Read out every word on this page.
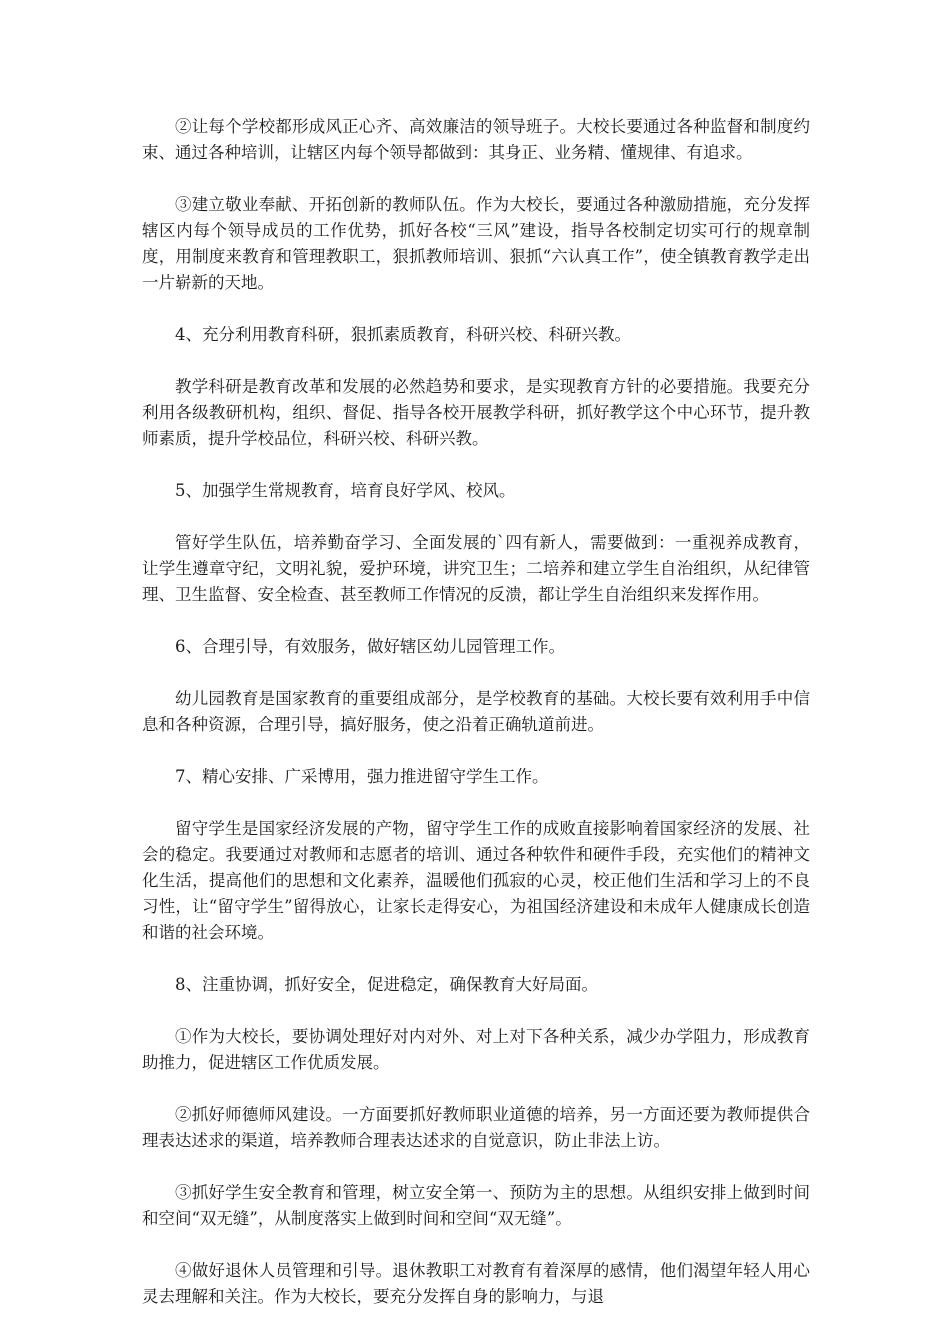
②让每个学校都形成风正心齐、高效廉洁的领导班子。大校长要通过各种监督和制度约束、通过各种培训，让辖区内每个领导都做到：其身正、业务精、懂规律、有追求。

③建立敬业奉献、开拓创新的教师队伍。作为大校长，要通过各种激励措施，充分发挥辖区内每个领导成员的工作优势，抓好各校“三风”建设，指导各校制定切实可行的规章制度，用制度来教育和管理教职工，狠抓教师培训、狠抓“六认真工作”，使全镇教育教学走出一片崭新的天地。

4、充分利用教育科研，狠抓素质教育，科研兴校、科研兴教。

教学科研是教育改革和发展的必然趋势和要求，是实现教育方针的必要措施。我要充分利用各级教研机构，组织、督促、指导各校开展教学科研，抓好教学这个中心环节，提升教师素质，提升学校品位，科研兴校、科研兴教。

5、加强学生常规教育，培育良好学风、校风。

管好学生队伍，培养勤奋学习、全面发展的`四有新人，需要做到：一重视养成教育，让学生遵章守纪，文明礼貌，爱护环境，讲究卫生；二培养和建立学生自治组织，从纪律管理、卫生监督、安全检查、甚至教师工作情况的反溃，都让学生自治组织来发挥作用。

6、合理引导，有效服务，做好辖区幼儿园管理工作。

幼儿园教育是国家教育的重要组成部分，是学校教育的基础。大校长要有效利用手中信息和各种资源，合理引导，搞好服务，使之沿着正确轨道前进。

7、精心安排、广采博用，强力推进留守学生工作。

留守学生是国家经济发展的产物，留守学生工作的成败直接影响着国家经济的发展、社会的稳定。我要通过对教师和志愿者的培训、通过各种软件和硬件手段，充实他们的精神文化生活，提高他们的思想和文化素养，温暖他们孤寂的心灵，校正他们生活和学习上的不良习性，让“留守学生”留得放心，让家长走得安心，为祖国经济建设和未成年人健康成长创造和谐的社会环境。

8、注重协调，抓好安全，促进稳定，确保教育大好局面。

①作为大校长，要协调处理好对内对外、对上对下各种关系，减少办学阻力，形成教育助推力，促进辖区工作优质发展。

②抓好师德师风建设。一方面要抓好教师职业道德的培养，另一方面还要为教师提供合理表达述求的渠道，培养教师合理表达述求的自觉意识，防止非法上访。

③抓好学生安全教育和管理，树立安全第一、预防为主的思想。从组织安排上做到时间和空间“双无缝”，从制度落实上做到时间和空间“双无缝”。

④做好退休人员管理和引导。退休教职工对教育有着深厚的感情，他们渴望年轻人用心灵去理解和关注。作为大校长，要充分发挥自身的影响力，与退
